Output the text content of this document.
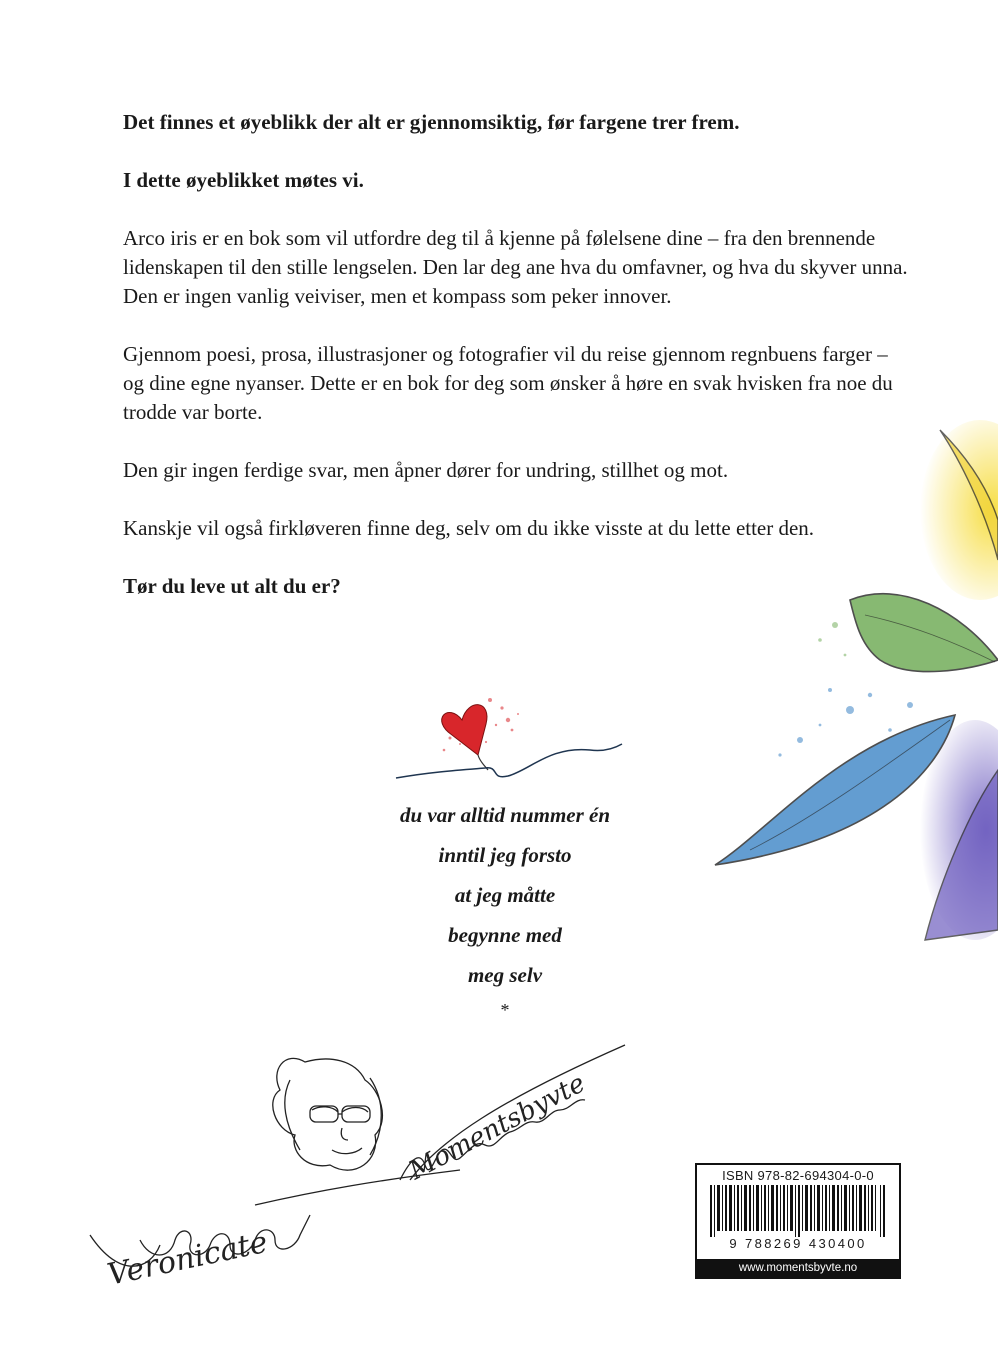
Det finnes et øyeblikk der alt er gjennomsiktig, før fargene trer frem.

I dette øyeblikket møtes vi.

Arco iris er en bok som vil utfordre deg til å kjenne på følelsene dine – fra den brennende lidenskapen til den stille lengselen. Den lar deg ane hva du omfavner, og hva du skyver unna. Den er ingen vanlig veiviser, men et kompass som peker innover.

Gjennom poesi, prosa, illustrasjoner og fotografier vil du reise gjennom regnbuens farger – og dine egne nyanser. Dette er en bok for deg som ønsker å høre en svak hvisken fra noe du trodde var borte.

Den gir ingen ferdige svar, men åpner dører for undring, stillhet og mot.

Kanskje vil også firkløveren finne deg, selv om du ikke visste at du lette etter den.

Tør du leve ut alt du er?

du var alltid nummer én
inntil jeg forsto
at jeg måtte
begynne med
meg selv
*
Veronicate
Momentsbyvte	ISBN 978-82-694304-0-0
9 788269 430400
www.momentsbyvte.no
